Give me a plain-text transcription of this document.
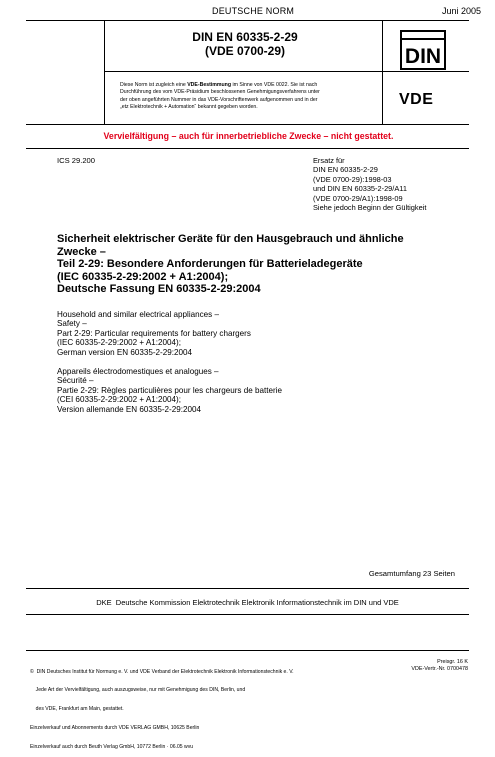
DEUTSCHE NORM	Juni 2005
DIN EN 60335-2-29
(VDE 0700-29)	DIN
VDE
Diese Norm ist zugleich eine VDE-Bestimmung im Sinne von VDE 0022. Sie ist nach
Durchführung des vom VDE-Präsidium beschlossenen Genehmigungsverfahrens unter
der oben angeführten Nummer in das VDE-Vorschriftenwerk aufgenommen und in der
„etz Elektrotechnik + Automation“ bekannt gegeben worden.
Vervielfältigung – auch für innerbetriebliche Zwecke – nicht gestattet.
ICS 29.200	Ersatz für
DIN EN 60335-2-29
(VDE 0700-29):1998-03
und DIN EN 60335-2-29/A11
(VDE 0700-29/A1):1998-09
Siehe jedoch Beginn der Gültigkeit
Sicherheit elektrischer Geräte für den Hausgebrauch und ähnliche
Zwecke –
Teil 2-29: Besondere Anforderungen für Batterieladegeräte
(IEC 60335-2-29:2002 + A1:2004);
Deutsche Fassung EN 60335-2-29:2004
Household and similar electrical appliances –
Safety –
Part 2-29: Particular requirements for battery chargers
(IEC 60335-2-29:2002 + A1:2004);
German version EN 60335-2-29:2004
Appareils électrodomestiques et analogues –
Sécurité –
Partie 2-29: Règles particulières pour les chargeurs de batterie
(CEI 60335-2-29:2002 + A1:2004);
Version allemande EN 60335-2-29:2004
Gesamtumfang 23 Seiten
DKE  Deutsche Kommission Elektrotechnik Elektronik Informationstechnik im DIN und VDE

©  DIN Deutsches Institut für Normung e. V. und VDE Verband der Elektrotechnik Elektronik Informationstechnik e. V.

Jede Art der Vervielfältigung, auch auszugsweise, nur mit Genehmigung des DIN, Berlin, und

des VDE, Frankfurt am Main, gestattet.

Einzelverkauf und Abonnements durch VDE VERLAG GMBH, 10625 Berlin

Einzelverkauf auch durch Beuth Verlag GmbH, 10772 Berlin · 06.05 wvu

Preisgr. 16 K
VDE-Vertr.-Nr. 0700478
